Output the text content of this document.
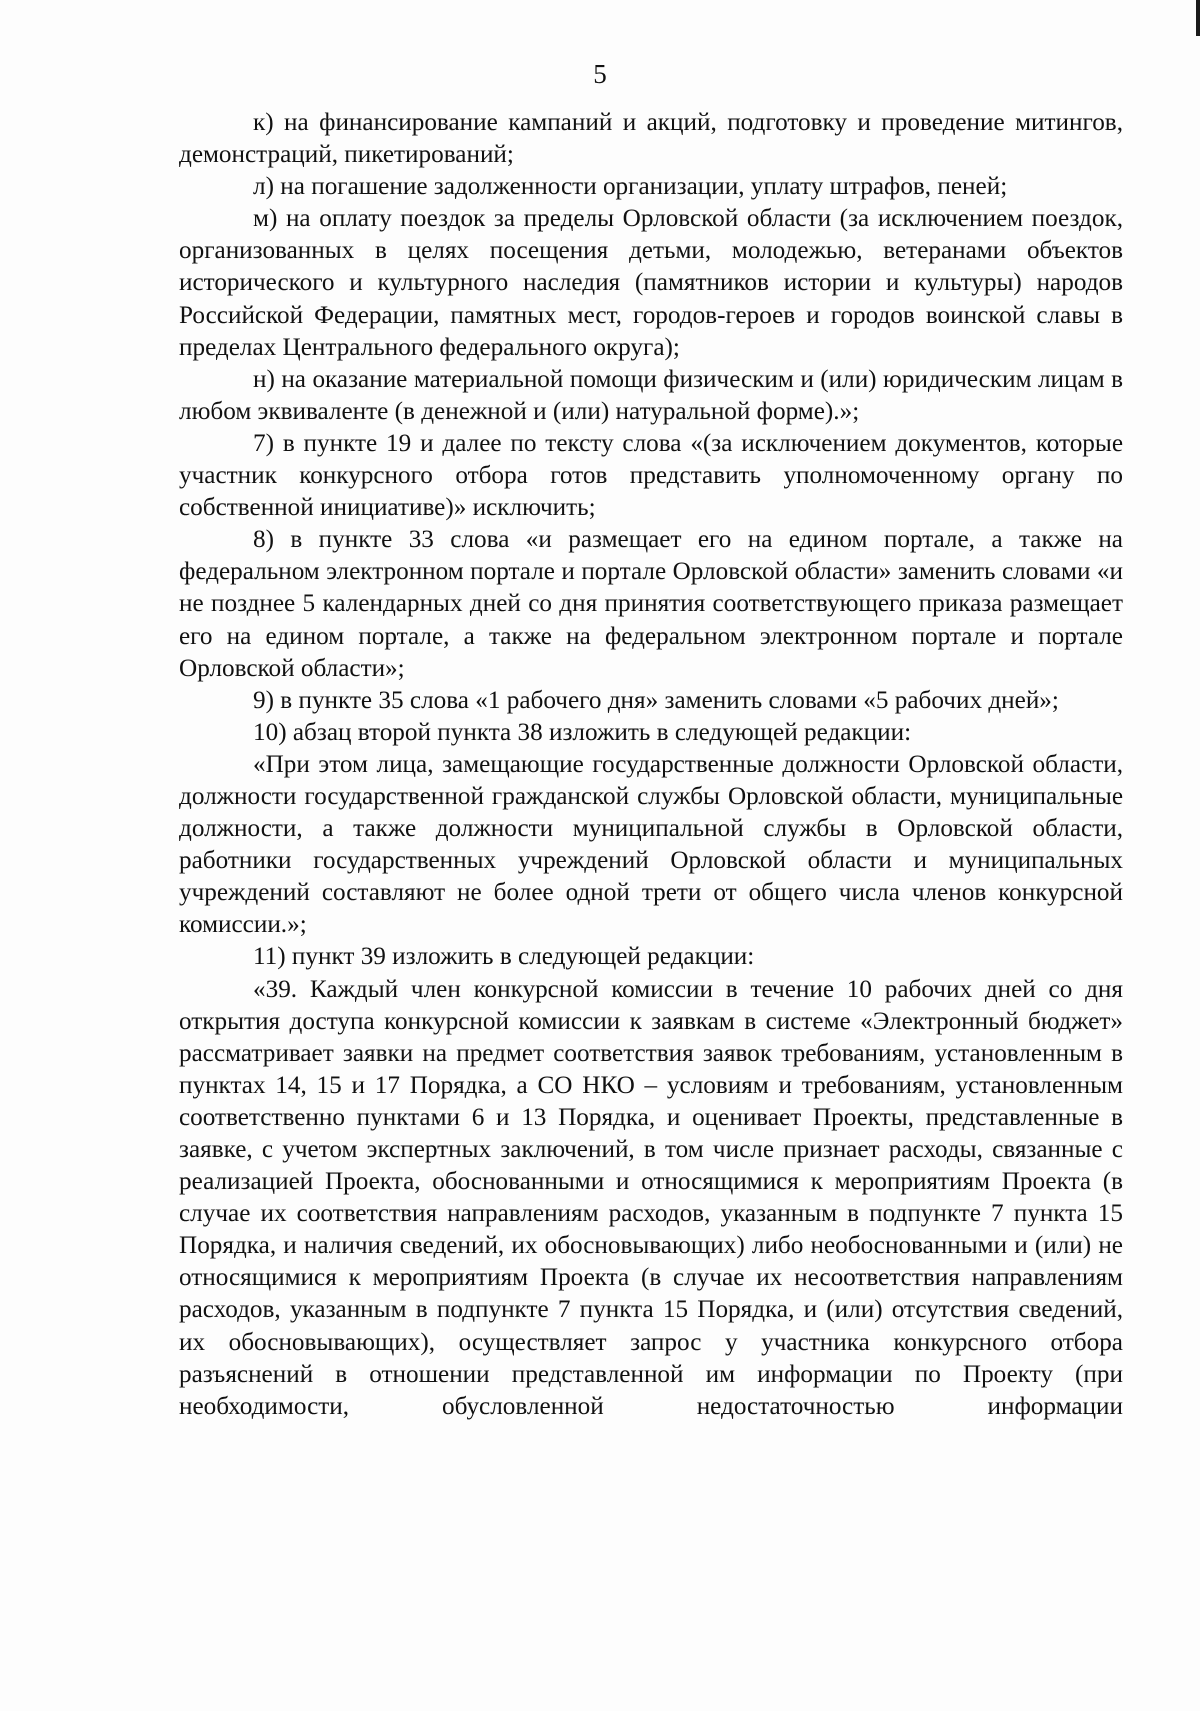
5

к) на финансирование кампаний и акций, подготовку и проведение митингов, демонстраций, пикетирований;

л) на погашение задолженности организации, уплату штрафов, пеней;

м) на оплату поездок за пределы Орловской области (за исключением поездок, организованных в целях посещения детьми, молодежью, ветеранами объектов исторического и культурного наследия (памятников истории и культуры) народов Российской Федерации, памятных мест, городов-героев и городов воинской славы в пределах Центрального федерального округа);

н) на оказание материальной помощи физическим и (или) юридическим лицам в любом эквиваленте (в денежной и (или) натуральной форме).»;

7) в пункте 19 и далее по тексту слова «(за исключением документов, которые участник конкурсного отбора готов представить уполномоченному органу по собственной инициативе)» исключить;

8) в пункте 33 слова «и размещает его на едином портале, а также на федеральном электронном портале и портале Орловской области» заменить словами «и не позднее 5 календарных дней со дня принятия соответствующего приказа размещает его на едином портале, а также на федеральном электронном портале и портале Орловской области»;

9) в пункте 35 слова «1 рабочего дня» заменить словами «5 рабочих дней»;

10) абзац второй пункта 38 изложить в следующей редакции:

«При этом лица, замещающие государственные должности Орловской области, должности государственной гражданской службы Орловской области, муниципальные должности, а также должности муниципальной службы в Орловской области, работники государственных учреждений Орловской области и муниципальных учреждений составляют не более одной трети от общего числа членов конкурсной комиссии.»;

11) пункт 39 изложить в следующей редакции:

«39. Каждый член конкурсной комиссии в течение 10 рабочих дней со дня открытия доступа конкурсной комиссии к заявкам в системе «Электронный бюджет» рассматривает заявки на предмет соответствия заявок требованиям, установленным в пунктах 14, 15 и 17 Порядка, а СО НКО – условиям и требованиям, установленным соответственно пунктами 6 и 13 Порядка, и оценивает Проекты, представленные в заявке, с учетом экспертных заключений, в том числе признает расходы, связанные с реализацией Проекта, обоснованными и относящимися к мероприятиям Проекта (в случае их соответствия направлениям расходов, указанным в подпункте 7 пункта 15 Порядка, и наличия сведений, их обосновывающих) либо необоснованными и (или) не относящимися к мероприятиям Проекта (в случае их несоответствия направлениям расходов, указанным в подпункте 7 пункта 15 Порядка, и (или) отсутствия сведений, их обосновывающих), осуществляет запрос у участника конкурсного отбора разъяснений в отношении представленной им информации по Проекту (при необходимости, обусловленной недостаточностью информации
